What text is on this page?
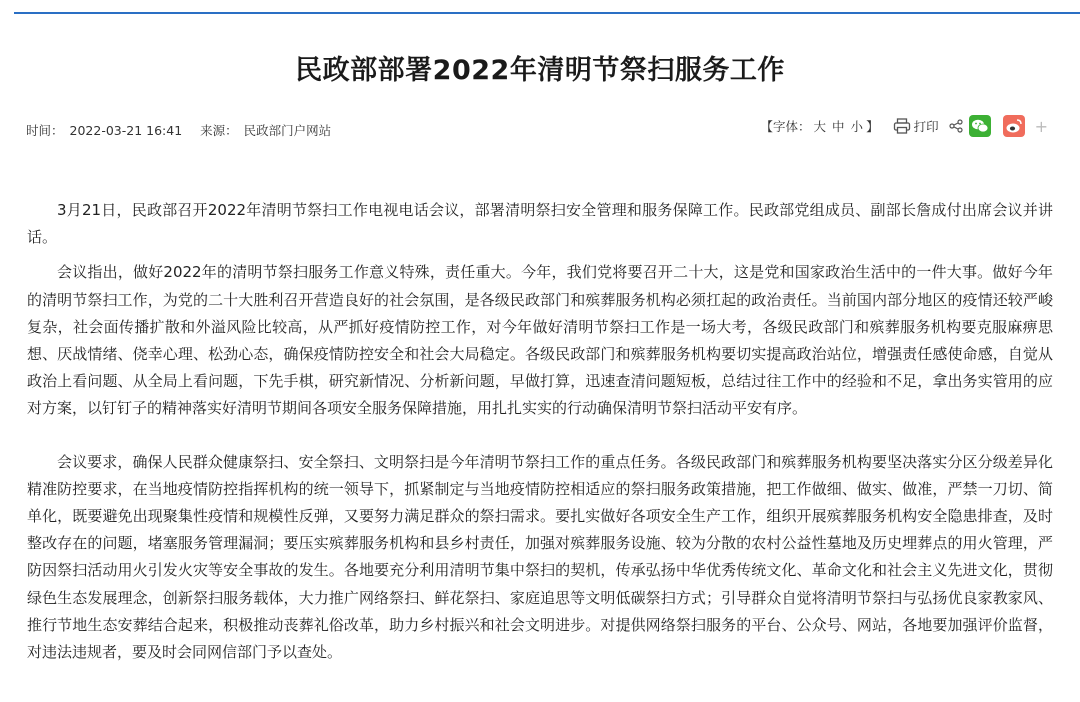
民政部部署2022年清明节祭扫服务工作
时间： 2022-03-21 16:41 来源： 民政部门户网站	【字体： 大 中 小 】	打印	+

3月21日，民政部召开2022年清明节祭扫工作电视电话会议，部署清明祭扫安全管理和服务保障工作。民政部党组成员、副部长詹成付出席会议并讲话。

会议指出，做好2022年的清明节祭扫服务工作意义特殊，责任重大。今年，我们党将要召开二十大，这是党和国家政治生活中的一件大事。做好今年的清明节祭扫工作，为党的二十大胜利召开营造良好的社会氛围，是各级民政部门和殡葬服务机构必须扛起的政治责任。当前国内部分地区的疫情还较严峻复杂，社会面传播扩散和外溢风险比较高，从严抓好疫情防控工作，对今年做好清明节祭扫工作是一场大考，各级民政部门和殡葬服务机构要克服麻痹思想、厌战情绪、侥幸心理、松劲心态，确保疫情防控安全和社会大局稳定。各级民政部门和殡葬服务机构要切实提高政治站位，增强责任感使命感，自觉从政治上看问题、从全局上看问题，下先手棋，研究新情况、分析新问题，早做打算，迅速查清问题短板，总结过往工作中的经验和不足，拿出务实管用的应对方案，以钉钉子的精神落实好清明节期间各项安全服务保障措施，用扎扎实实的行动确保清明节祭扫活动平安有序。

会议要求，确保人民群众健康祭扫、安全祭扫、文明祭扫是今年清明节祭扫工作的重点任务。各级民政部门和殡葬服务机构要坚决落实分区分级差异化精准防控要求，在当地疫情防控指挥机构的统一领导下，抓紧制定与当地疫情防控相适应的祭扫服务政策措施，把工作做细、做实、做准，严禁一刀切、简单化，既要避免出现聚集性疫情和规模性反弹，又要努力满足群众的祭扫需求。要扎实做好各项安全生产工作，组织开展殡葬服务机构安全隐患排查，及时整改存在的问题，堵塞服务管理漏洞；要压实殡葬服务机构和县乡村责任，加强对殡葬服务设施、较为分散的农村公益性墓地及历史埋葬点的用火管理，严防因祭扫活动用火引发火灾等安全事故的发生。各地要充分利用清明节集中祭扫的契机，传承弘扬中华优秀传统文化、革命文化和社会主义先进文化，贯彻绿色生态发展理念，创新祭扫服务载体，大力推广网络祭扫、鲜花祭扫、家庭追思等文明低碳祭扫方式；引导群众自觉将清明节祭扫与弘扬优良家教家风、推行节地生态安葬结合起来，积极推动丧葬礼俗改革，助力乡村振兴和社会文明进步。对提供网络祭扫服务的平台、公众号、网站，各地要加强评价监督，对违法违规者，要及时会同网信部门予以查处。
